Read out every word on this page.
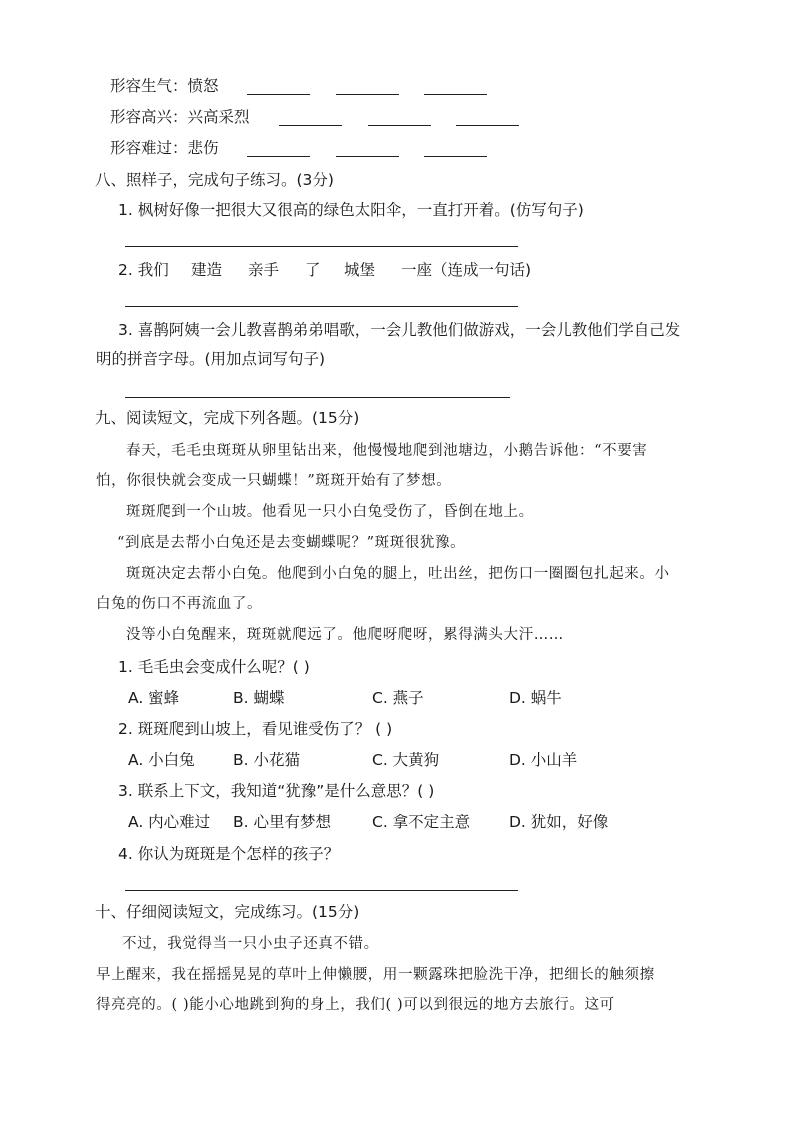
形容生气：愤怒
形容高兴：兴高采烈
形容难过：悲伤
八、照样子，完成句子练习。(3分)
1. 枫树好像一把很大又很高的绿色太阳伞，一直打开着。(仿写句子)
2. 我们 建造 亲手 了 城堡 一座（连成一句话)
3. 喜鹊阿姨一会儿教喜鹊弟弟唱歌，一会儿教他们做游戏，一会儿教他们学自己发
明的拼音字母。(用加点词写句子)
九、阅读短文，完成下列各题。(15分)
春天，毛毛虫斑斑从卵里钻出来，他慢慢地爬到池塘边，小鹅告诉他：“不要害
怕，你很快就会变成一只蝴蝶！”斑斑开始有了梦想。
斑斑爬到一个山坡。他看见一只小白兔受伤了，昏倒在地上。
“到底是去帮小白兔还是去变蝴蝶呢？”斑斑很犹豫。
斑斑决定去帮小白兔。他爬到小白兔的腿上，吐出丝，把伤口一圈圈包扎起来。小
白兔的伤口不再流血了。
没等小白兔醒来，斑斑就爬远了。他爬呀爬呀，累得满头大汗……
1. 毛毛虫会变成什么呢？( )
A. 蜜蜂	B. 蝴蝶	C. 燕子	D. 蜗牛
2. 斑斑爬到山坡上，看见谁受伤了？ ( )
A. 小白兔 B. 小花猫	C. 大黄狗	D. 小山羊
3. 联系上下文，我知道“犹豫”是什么意思？( )
A. 内心难过 B. 心里有梦想	C. 拿不定主意	D. 犹如，好像
4. 你认为斑斑是个怎样的孩子？
十、仔细阅读短文，完成练习。(15分)
不过，我觉得当一只小虫子还真不错。
早上醒来，我在摇摇晃晃的草叶上伸懒腰，用一颗露珠把脸洗干净，把细长的触须擦
得亮亮的。( )能小心地跳到狗的身上，我们( )可以到很远的地方去旅行。这可
